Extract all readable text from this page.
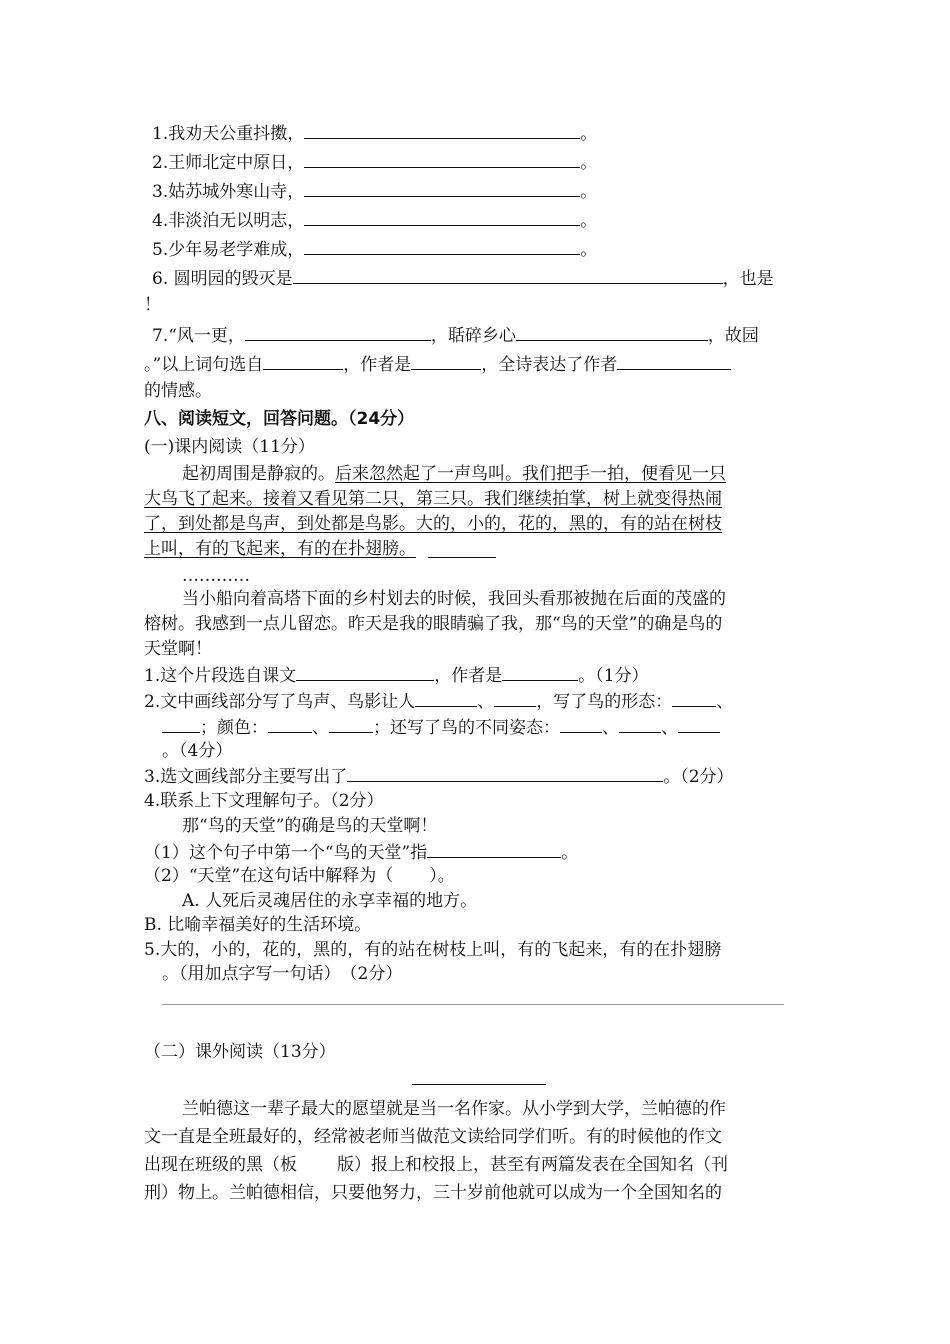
1.我劝天公重抖擞，	。
2.王师北定中原日，	。
3.姑苏城外寒山寺，	。
4.非淡泊无以明志，	。
5.少年易老学难成，	。
6. 圆明园的毁灭是	，也是
！
7.“风一更，	，聒碎乡心	，故园
。”以上词句选自	，作者是	，全诗表达了作者
的情感。
八、阅读短文，回答问题。（24分）
(一)课内阅读（11分）
起初周围是静寂的。后来忽然起了一声鸟叫。我们把手一拍，便看见一只
大鸟飞了起来。接着又看见第二只，第三只。我们继续拍掌，树上就变得热闹
了，到处都是鸟声，到处都是鸟影。大的，小的，花的，黑的，有的站在树枝
上叫，有的飞起来，有的在扑翅膀。
…………
当小船向着高塔下面的乡村划去的时候，我回头看那被抛在后面的茂盛的
榕树。我感到一点儿留恋。昨天是我的眼睛骗了我，那“鸟的天堂”的确是鸟的
天堂啊！
1.这个片段选自课文	，作者是	。（1分）
2.文中画线部分写了鸟声、鸟影让人	、 ，写了鸟的形态：	、
；颜色：	、	；还写了鸟的不同姿态： 、 、
。（4分）
3.选文画线部分主要写出了	。（2分）
4.联系上下文理解句子。（2分）
那“鸟的天堂”的确是鸟的天堂啊！
（1）这个句子中第一个“鸟的天堂”指	。
（2）“天堂”在这句话中解释为（ ）。
A. 人死后灵魂居住的永享幸福的地方。
B. 比喻幸福美好的生活环境。
5.大的，小的，花的，黑的，有的站在树枝上叫，有的飞起来，有的在扑翅膀
。（用加点字写一句话）　（2分）
（二）课外阅读（13分）
兰帕德这一辈子最大的愿望就是当一名作家。从小学到大学，兰帕德的作
文一直是全班最好的，经常被老师当做范文读给同学们听。有的时候他的作文
出现在班级的黑（板 版）报上和校报上，甚至有两篇发表在全国知名（刊
刑）物上。兰帕德相信，只要他努力，三十岁前他就可以成为一个全国知名的
